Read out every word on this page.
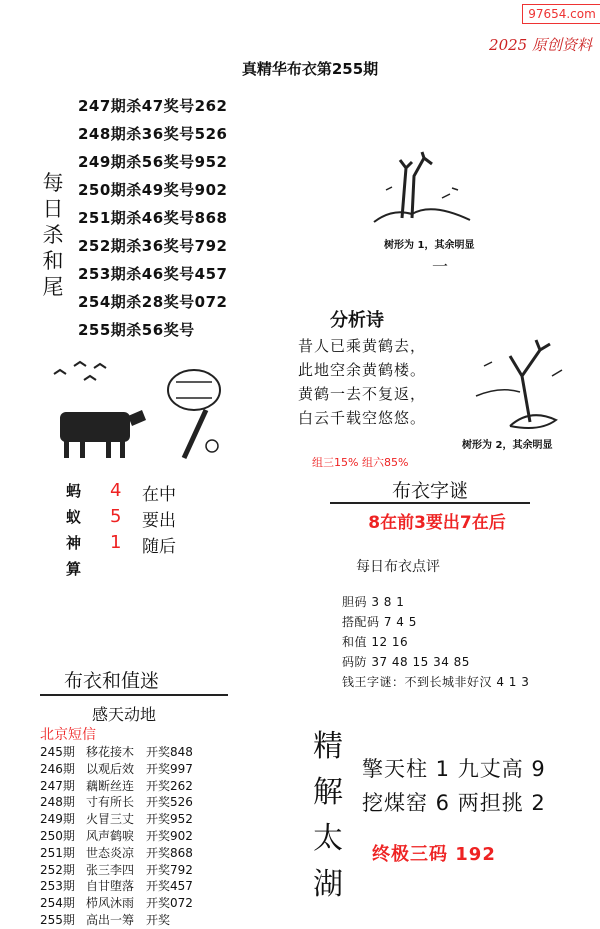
97654.com
2025 原创资料
真精华布衣第255期
247期杀47奖号262
248期杀36奖号526
249期杀56奖号952
250期杀49奖号902
251期杀46奖号868
252期杀36奖号792
253期杀46奖号457
254期杀28奖号072
255期杀56奖号
每
日
杀
和
尾
树形为 1，其余明显
一
分析诗
昔人已乘黄鹤去，
此地空余黄鹤楼。
黄鹤一去不复返，
白云千载空悠悠。
树形为 2，其余明显
组三15% 组六85%
布衣字谜
8在前3要出7在后
蚂
蚁
神
算
4
5
1
在中
要出
随后
每日布衣点评
胆码 3 8 1
搭配码 7 4 5
和值 12 16
码防 37 48 15 34 85
钱王字谜：不到长城非好汉 4 1 3
布衣和值迷
感天动地
北京短信
245期 移花接木 开奖848
246期 以观后效 开奖997
247期 藕断丝连 开奖262
248期 寸有所长 开奖526
249期 火冒三丈 开奖952
250期 风声鹤唳 开奖902
251期 世态炎凉 开奖868
252期 张三李四 开奖792
253期 自甘堕落 开奖457
254期 栉风沐雨 开奖072
255期 高出一筹 开奖
精
解
太
湖
擎天柱 1 九丈高 9
挖煤窑 6 两担挑 2
终极三码 192
